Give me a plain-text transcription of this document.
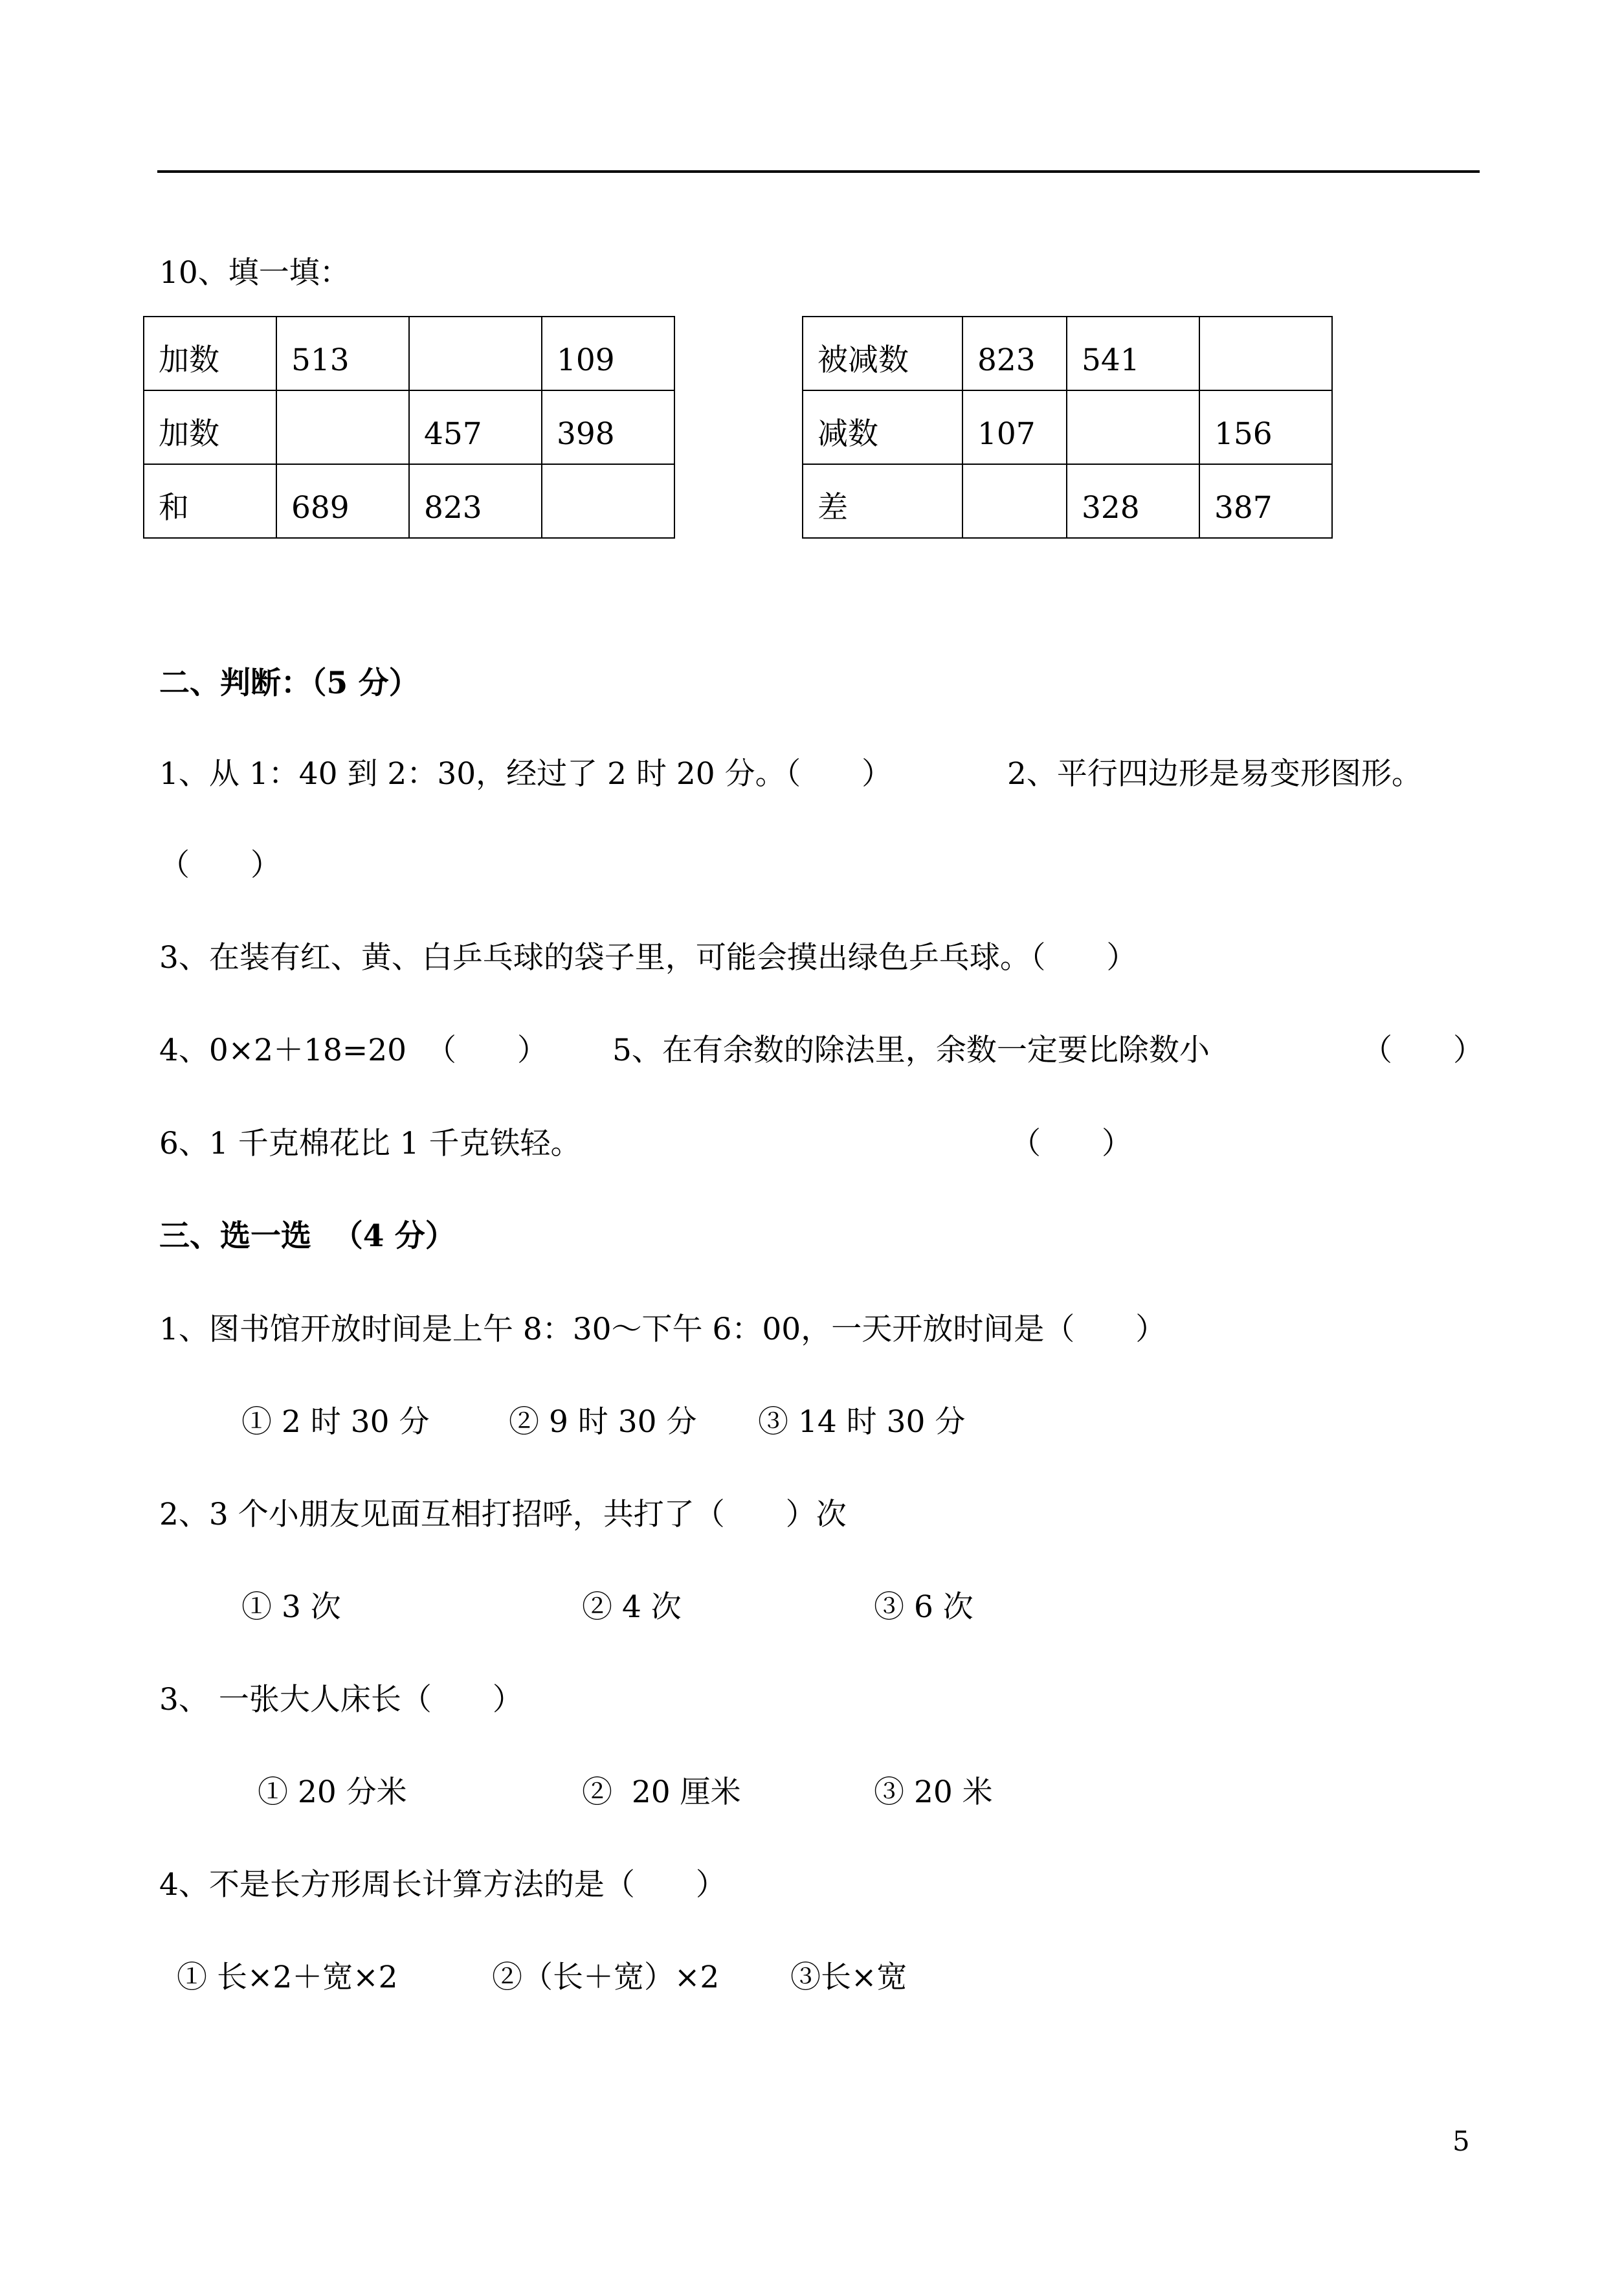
10、填一填：
加数	513		109
加数		457	398
和	689	823	
被减数	823	541	
减数	107		156
差		328	387
二、判断：（5 分）
1、从 1：40 到 2：30，经过了 2 时 20 分。（　　）	2、平行四边形是易变形图形。
（　　）
3、在装有红、黄、白乒乓球的袋子里，可能会摸出绿色乒乓球。（　　）
4、0×2＋18=20  （　　） 5、在有余数的除法里，余数一定要比除数小	（　　）
6、1 千克棉花比 1 千克铁轻。	（　　）
三、选一选  （4 分）
1、图书馆开放时间是上午 8：30～下午 6：00，一天开放时间是（　　）
① 2 时 30 分	② 9 时 30 分 ③ 14 时 30 分
2、3 个小朋友见面互相打招呼，共打了（　　）次
① 3 次	② 4 次	③ 6 次
3、 一张大人床长（　　）
① 20 分米	②  20 厘米	③ 20 米
4、不是长方形周长计算方法的是（　　）
① 长×2＋宽×2	②（长＋宽）×2 ③长×宽
5
